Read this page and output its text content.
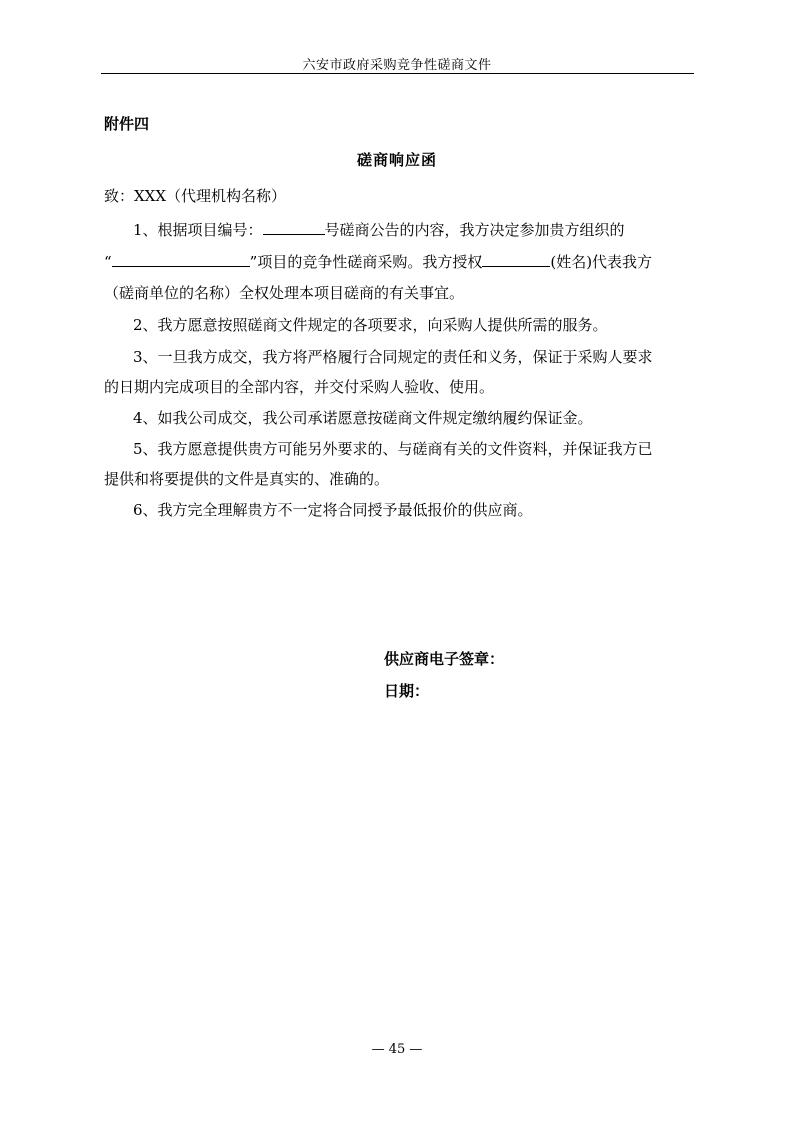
六安市政府采购竞争性磋商文件
附件四
磋商响应函
致：XXX（代理机构名称）
1、根据项目编号：	号磋商公告的内容，我方决定参加贵方组织的
“	”项目的竞争性磋商采购。我方授权	(姓名)代表我方
（磋商单位的名称）全权处理本项目磋商的有关事宜。
2、我方愿意按照磋商文件规定的各项要求，向采购人提供所需的服务。
3、一旦我方成交，我方将严格履行合同规定的责任和义务，保证于采购人要求
的日期内完成项目的全部内容，并交付采购人验收、使用。
4、如我公司成交，我公司承诺愿意按磋商文件规定缴纳履约保证金。
5、我方愿意提供贵方可能另外要求的、与磋商有关的文件资料，并保证我方已
提供和将要提供的文件是真实的、准确的。
6、我方完全理解贵方不一定将合同授予最低报价的供应商。
供应商电子签章：
日期：
— 45 —
